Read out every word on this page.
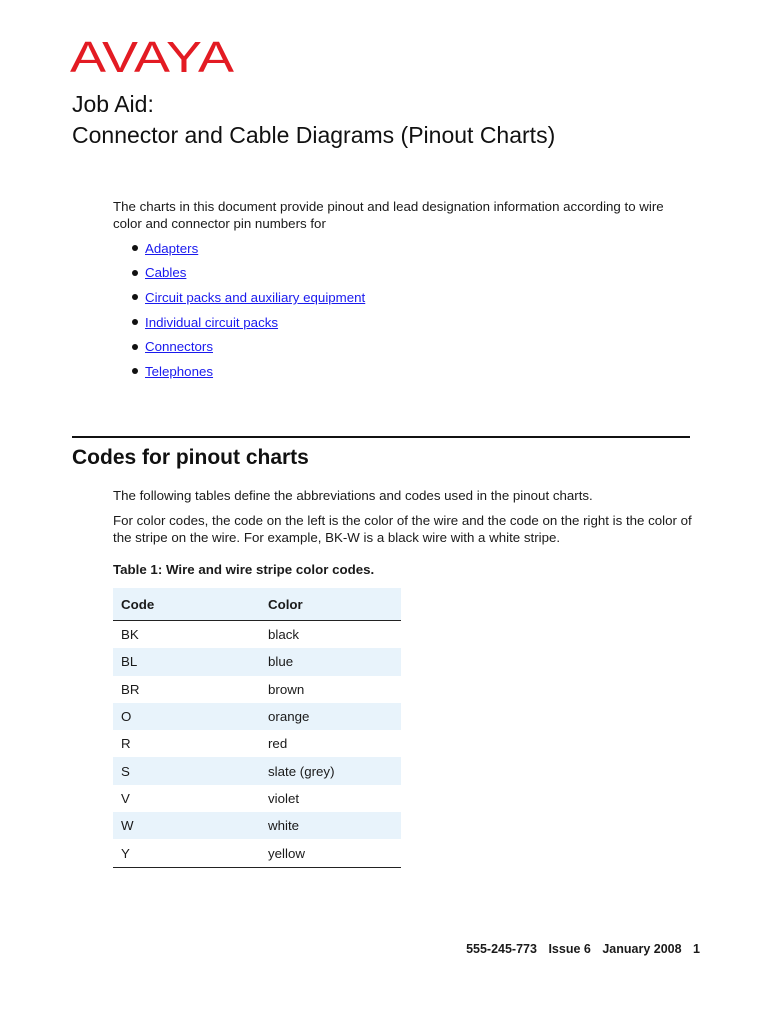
AVAYA
Job Aid:
Connector and Cable Diagrams (Pinout Charts)

The charts in this document provide pinout and lead designation information according to wire color and connector pin numbers for

Adapters
Cables
Circuit packs and auxiliary equipment
Individual circuit packs
Connectors
Telephones
Codes for pinout charts

The following tables define the abbreviations and codes used in the pinout charts.

For color codes, the code on the left is the color of the wire and the code on the right is the color of the stripe on the wire. For example, BK-W is a black wire with a white stripe.

Table 1: Wire and wire stripe color codes.

Code	Color
BK	black
BL	blue
BR	brown
O	orange
R	red
S	slate (grey)
V	violet
W	white
Y	yellow
555-245-773 Issue 6 January 2008 1
